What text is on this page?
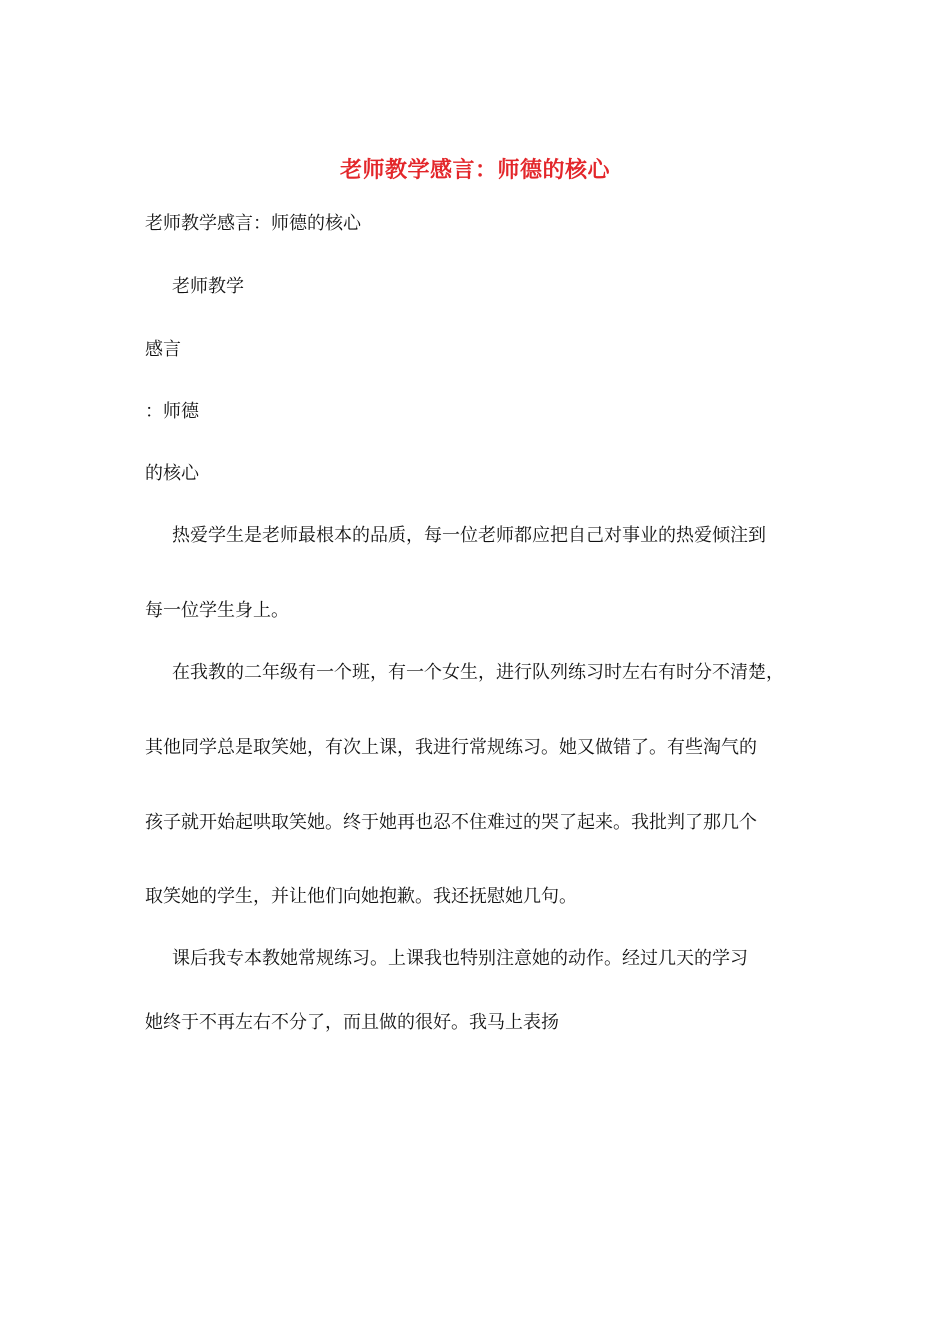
老师教学感言：师德的核心
老师教学感言：师德的核心
老师教学
感言
：师德
的核心
热爱学生是老师最根本的品质，每一位老师都应把自己对事业的热爱倾注到
每一位学生身上。
在我教的二年级有一个班，有一个女生，进行队列练习时左右有时分不清楚，
其他同学总是取笑她，有次上课，我进行常规练习。她又做错了。有些淘气的
孩子就开始起哄取笑她。终于她再也忍不住难过的哭了起来。我批判了那几个
取笑她的学生，并让他们向她抱歉。我还抚慰她几句。
课后我专本教她常规练习。上课我也特别注意她的动作。经过几天的学习
她终于不再左右不分了，而且做的很好。我马上表扬
